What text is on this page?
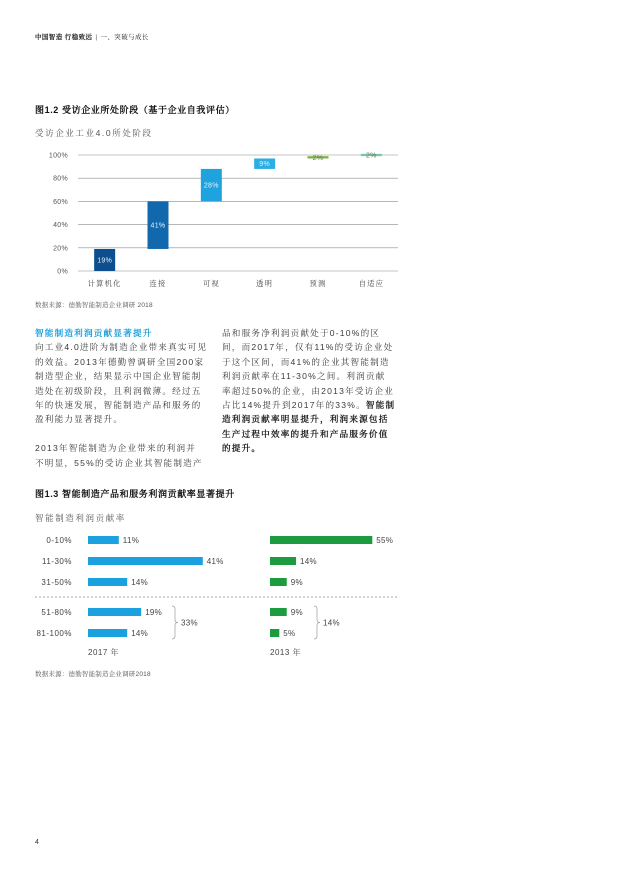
中国智造 行稳致远 | 一、突破与成长
图1.2 受访企业所处阶段（基于企业自我评估）
受访企业工业4.0所处阶段
0%
20%
40%
60%
80%
100%
19%
计算机化
41%
连接
28%
可视
9%
透明
2%
预测
2%
自适应
数据来源：德勤智能制造企业调研 2018
智能制造利润贡献显著提升
向工业4.0进阶为制造企业带来真实可见
的效益。2013年德勤曾调研全国200家
制造型企业，结果显示中国企业智能制
造处在初级阶段，且利润微薄。经过五
年的快速发展，智能制造产品和服务的
盈利能力显著提升。
2013年智能制造为企业带来的利润并
不明显，55%的受访企业其智能制造产
品和服务净利润贡献处于0-10%的区
间，而2017年，仅有11%的受访企业处
于这个区间，而41%的企业其智能制造
利润贡献率在11-30%之间。利润贡献
率超过50%的企业，由2013年受访企业
占比14%提升到2017年的33%。智能制
造利润贡献率明显提升，利润来源包括
生产过程中效率的提升和产品服务价值
的提升。
图1.3 智能制造产品和服务利润贡献率显著提升
智能制造利润贡献率
0-10%
11-30%
31-50%
51-80%
81-100%
11%
41%
14%
19%
14%
2017 年
33%
55%
14%
9%
9%
5%
2013 年
14%
数据来源：德勤智能制造企业调研2018
4
